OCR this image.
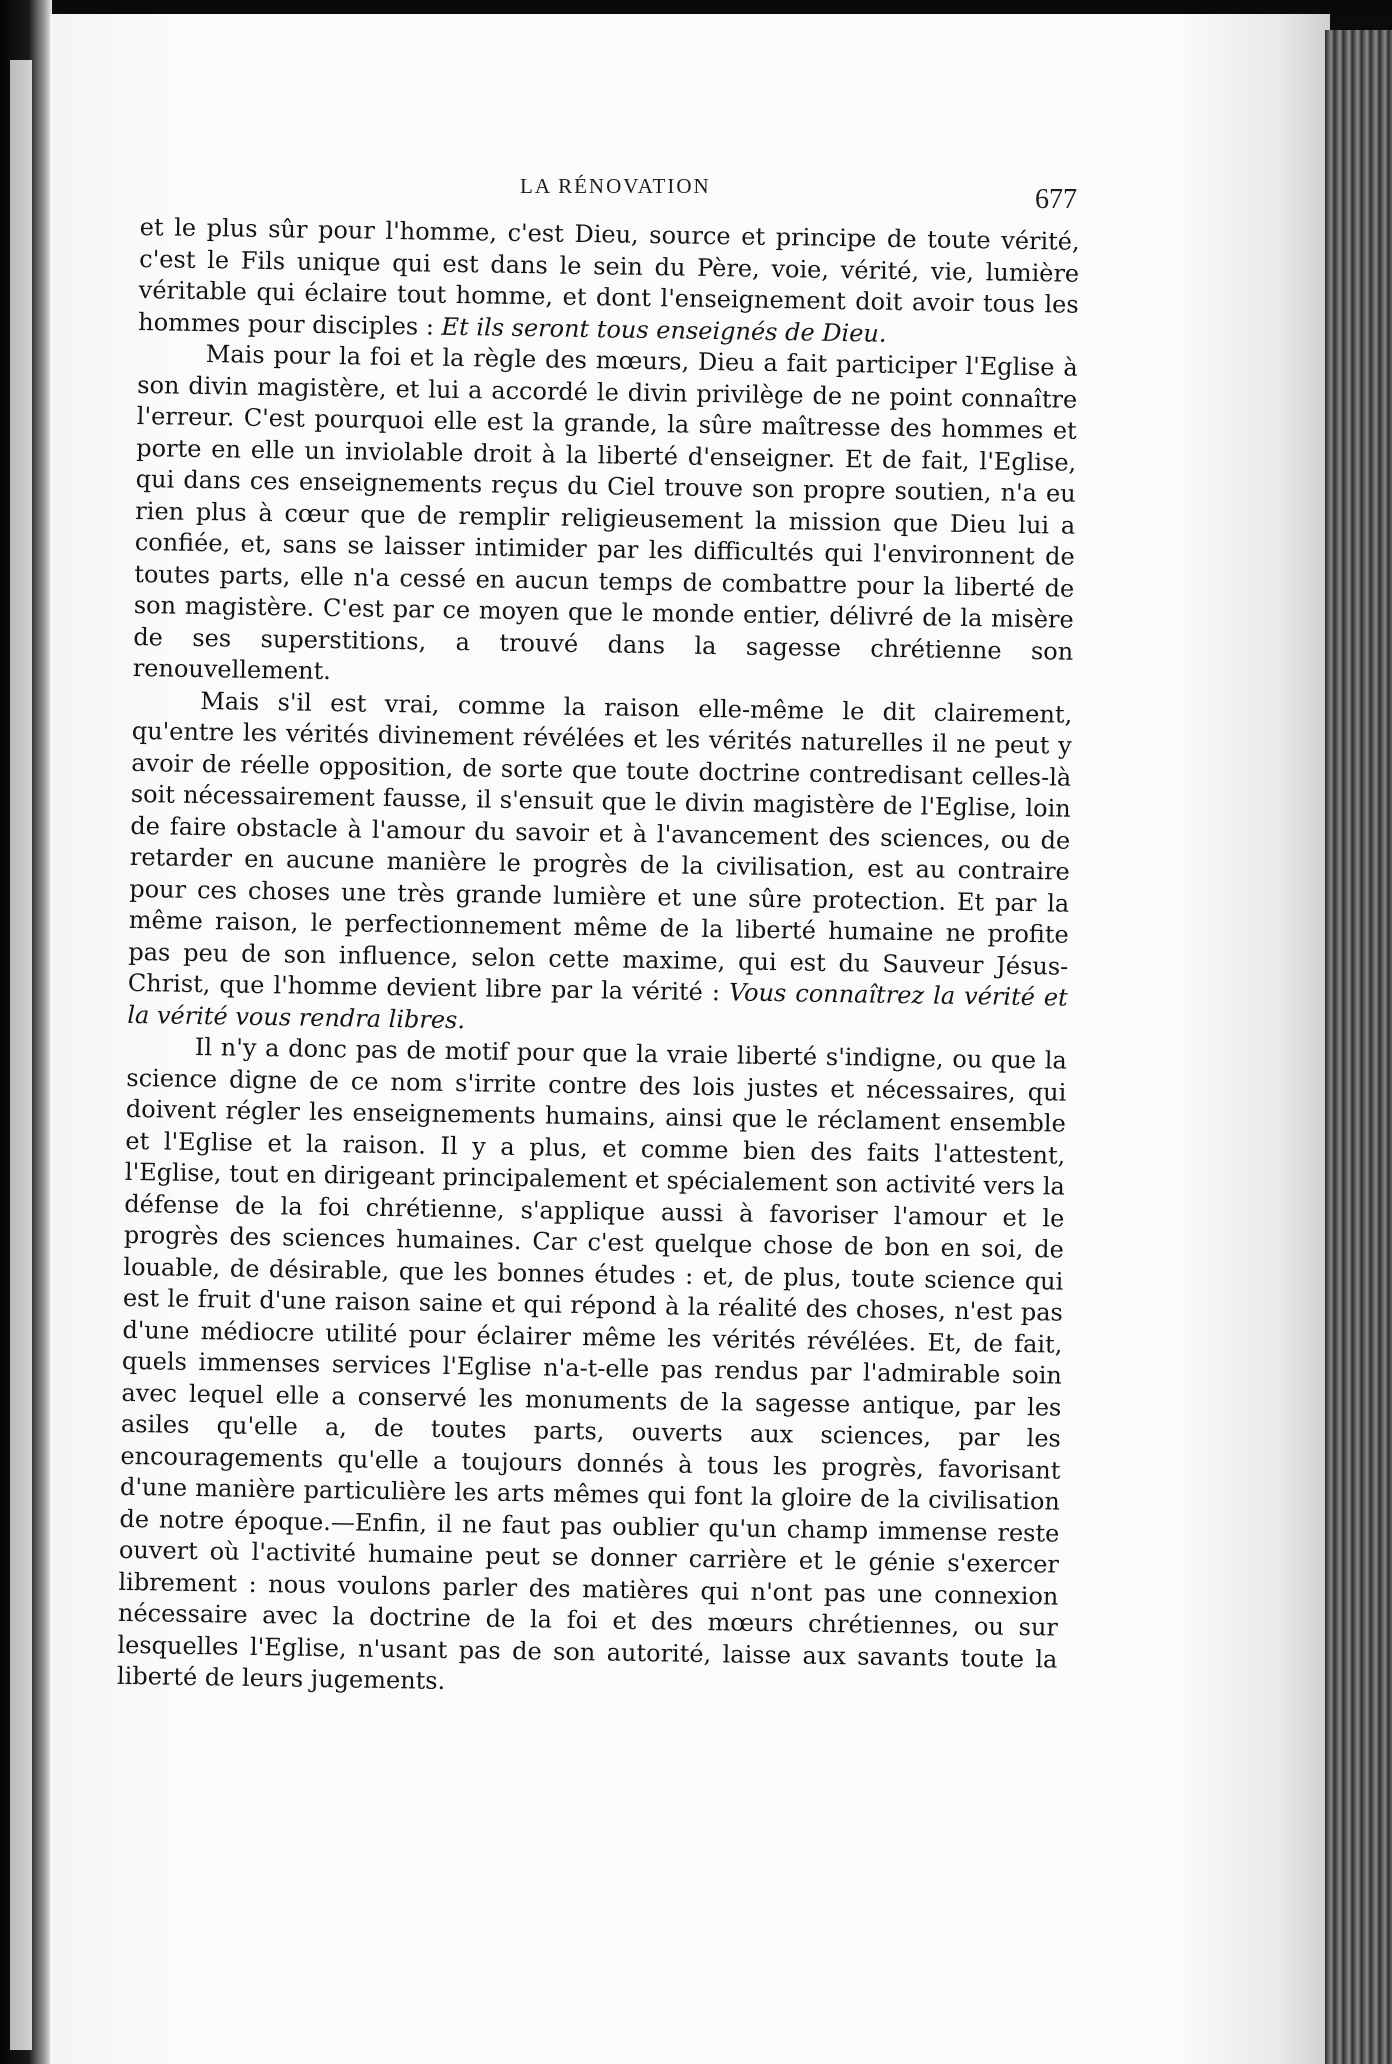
LA RÉNOVATION	677

et le plus sûr pour l'homme, c'est Dieu, source et principe de toute vérité, c'est le Fils unique qui est dans le sein du Père, voie, vérité, vie, lumière véritable qui éclaire tout homme, et dont l'enseignement doit avoir tous les hommes pour disciples : Et ils seront tous enseignés de Dieu.

Mais pour la foi et la règle des mœurs, Dieu a fait participer l'Eglise à son divin magistère, et lui a accordé le divin privilège de ne point connaître l'erreur. C'est pourquoi elle est la grande, la sûre maîtresse des hommes et porte en elle un inviolable droit à la liberté d'enseigner. Et de fait, l'Eglise, qui dans ces enseignements reçus du Ciel trouve son propre soutien, n'a eu rien plus à cœur que de remplir religieusement la mission que Dieu lui a confiée, et, sans se laisser intimider par les difficultés qui l'environnent de toutes parts, elle n'a cessé en aucun temps de combattre pour la liberté de son magistère. C'est par ce moyen que le monde entier, délivré de la misère de ses superstitions, a trouvé dans la sagesse chrétienne son renouvellement.

Mais s'il est vrai, comme la raison elle-même le dit clairement, qu'entre les vérités divinement révélées et les vérités naturelles il ne peut y avoir de réelle opposition, de sorte que toute doctrine contredisant celles-là soit nécessairement fausse, il s'ensuit que le divin magistère de l'Eglise, loin de faire obstacle à l'amour du savoir et à l'avancement des sciences, ou de retarder en aucune manière le progrès de la civilisation, est au contraire pour ces choses une très grande lumière et une sûre protection. Et par la même raison, le perfectionnement même de la liberté humaine ne profite pas peu de son influence, selon cette maxime, qui est du Sauveur Jésus-Christ, que l'homme devient libre par la vérité : Vous connaîtrez la vérité et la vérité vous rendra libres.

Il n'y a donc pas de motif pour que la vraie liberté s'indigne, ou que la science digne de ce nom s'irrite contre des lois justes et nécessaires, qui doivent régler les enseignements humains, ainsi que le réclament ensemble et l'Eglise et la raison. Il y a plus, et comme bien des faits l'attestent, l'Eglise, tout en dirigeant principalement et spécialement son activité vers la défense de la foi chrétienne, s'applique aussi à favoriser l'amour et le progrès des sciences humaines. Car c'est quelque chose de bon en soi, de louable, de désirable, que les bonnes études : et, de plus, toute science qui est le fruit d'une raison saine et qui répond à la réalité des choses, n'est pas d'une médiocre utilité pour éclairer même les vérités révélées. Et, de fait, quels immenses services l'Eglise n'a-t-elle pas rendus par l'admirable soin avec lequel elle a conservé les monuments de la sagesse antique, par les asiles qu'elle a, de toutes parts, ouverts aux sciences, par les encouragements qu'elle a toujours donnés à tous les progrès, favorisant d'une manière particulière les arts mêmes qui font la gloire de la civilisation de notre époque.—Enfin, il ne faut pas oublier qu'un champ immense reste ouvert où l'activité humaine peut se donner carrière et le génie s'exercer librement : nous voulons parler des matières qui n'ont pas une connexion nécessaire avec la doctrine de la foi et des mœurs chrétiennes, ou sur lesquelles l'Eglise, n'usant pas de son autorité, laisse aux savants toute la liberté de leurs jugements.
